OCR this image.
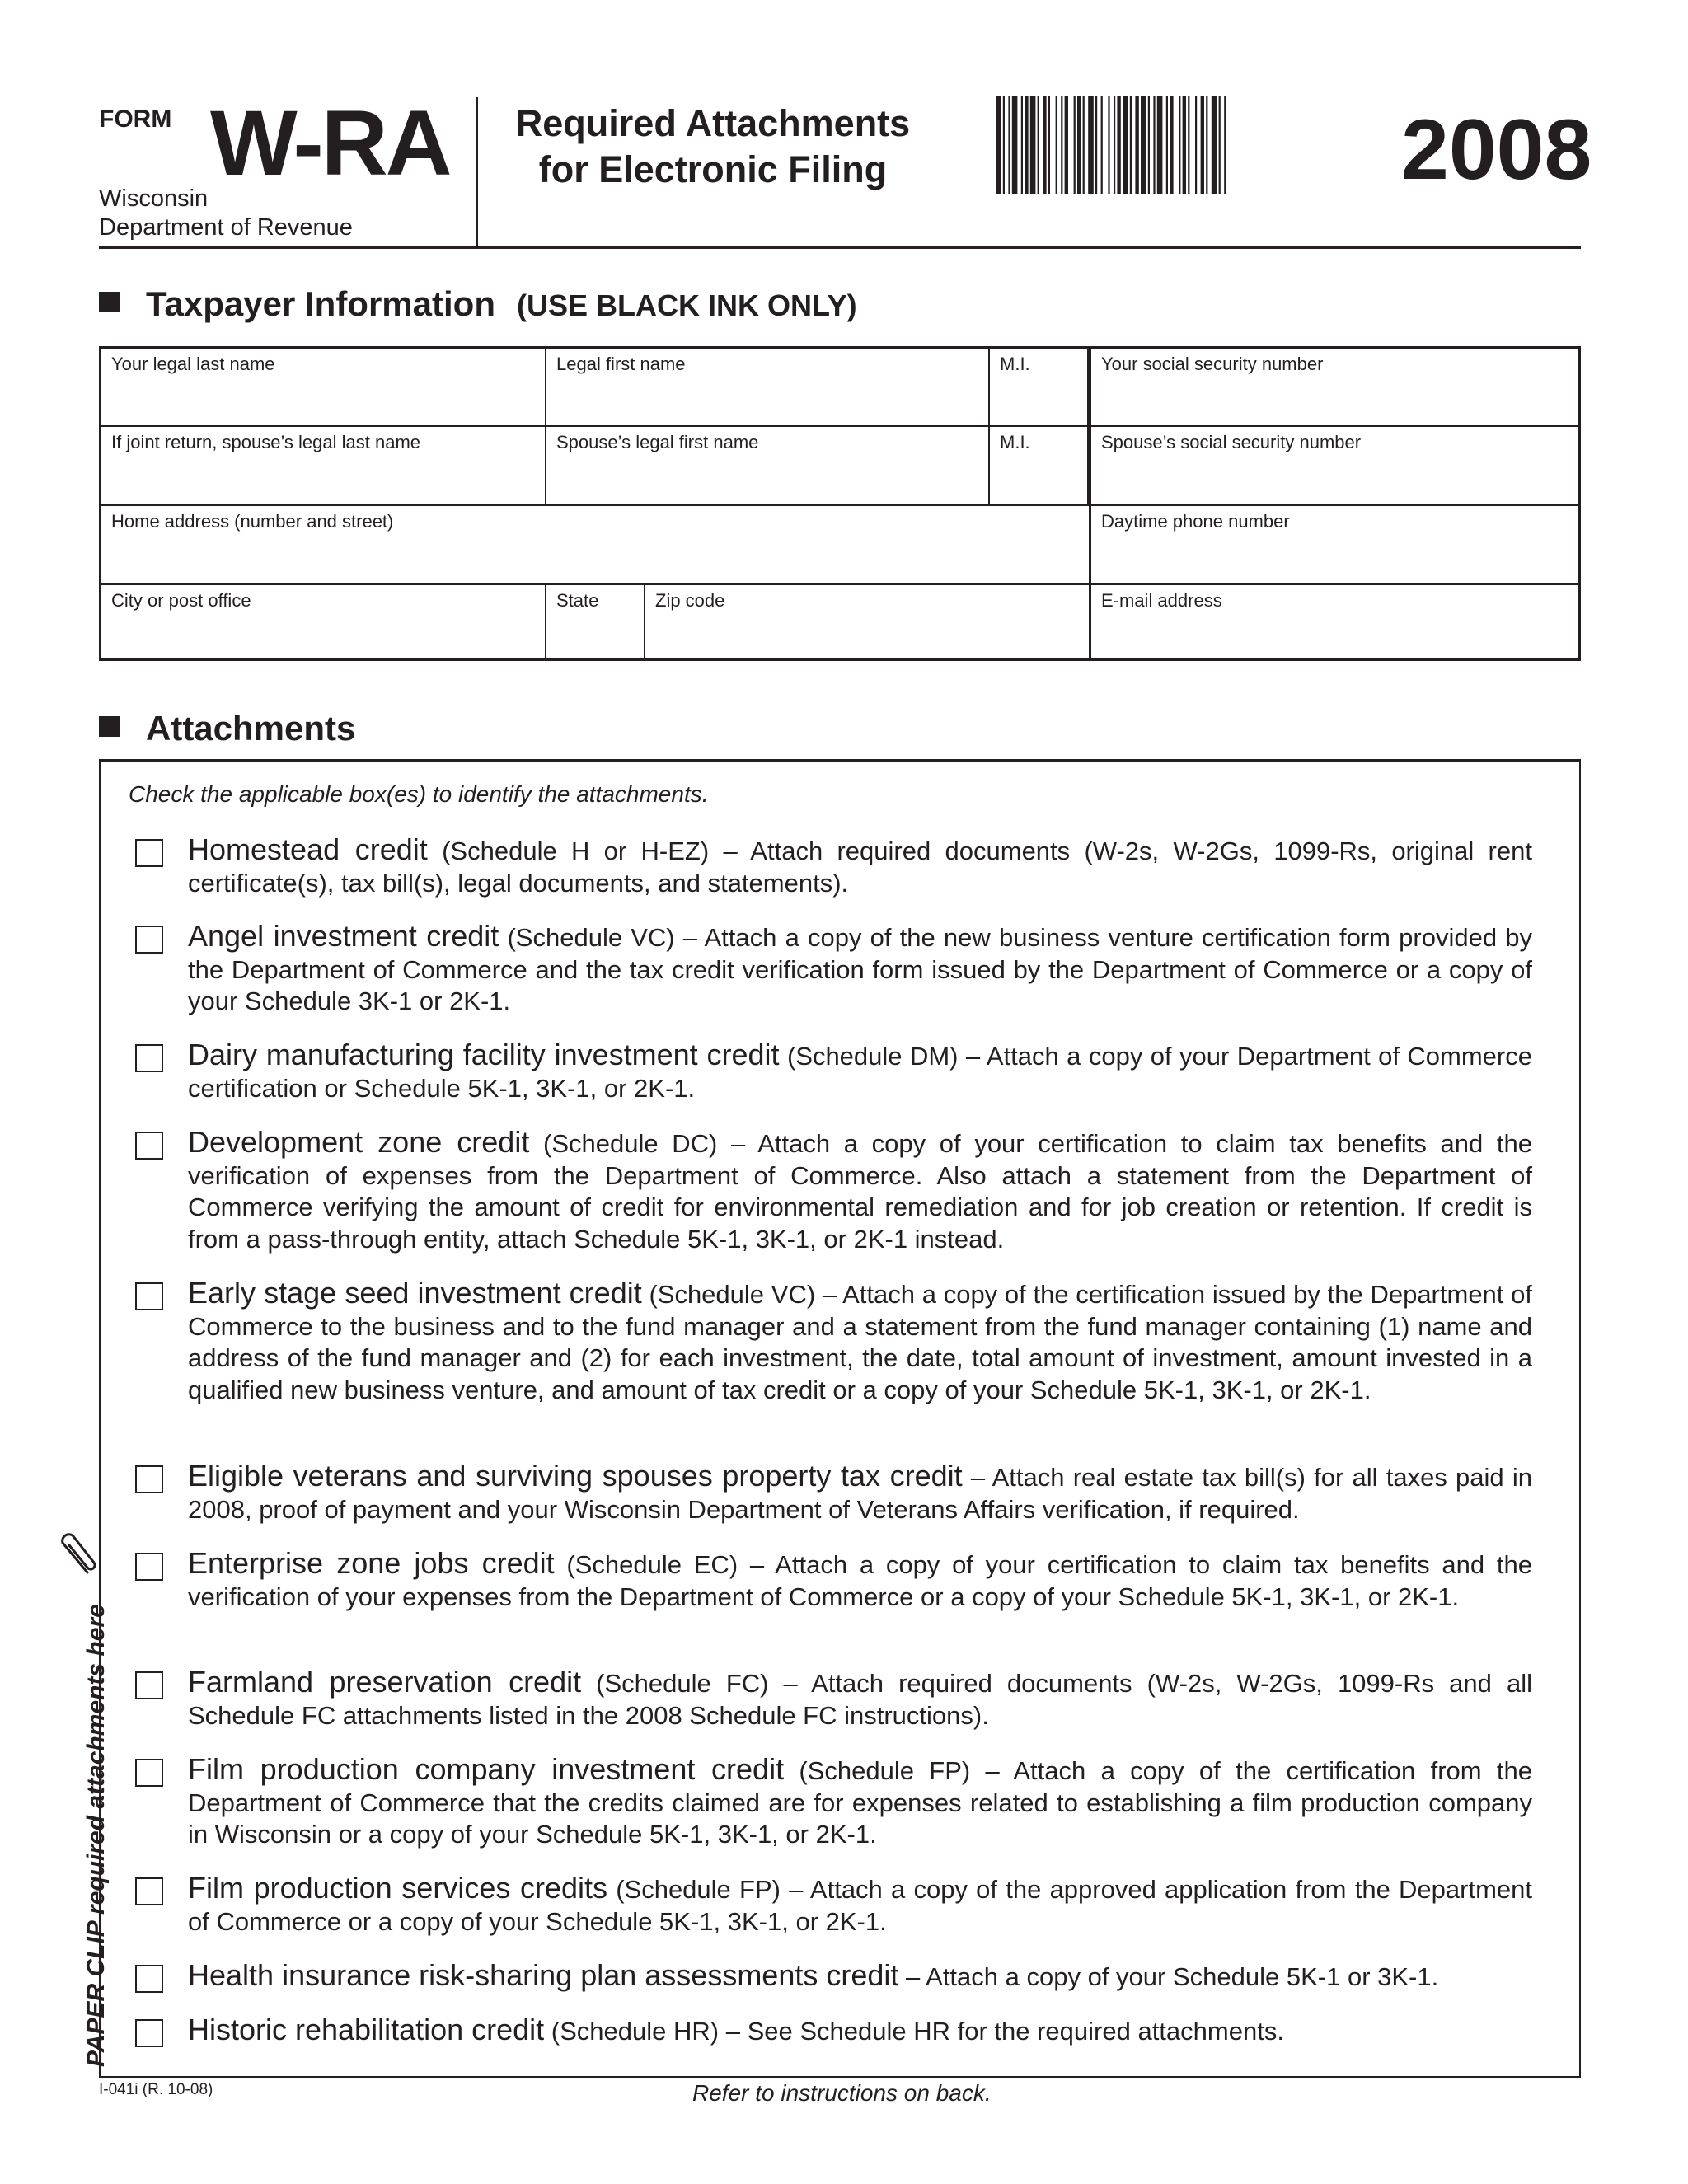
FORM W-RA
Wisconsin
Department of Revenue
Required Attachments
for Electronic Filing	2008
Taxpayer Information (USE BLACK INK ONLY)
Your legal last name	Legal first name	M.I.	Your social security number
If joint return, spouse’s legal last name	Spouse’s legal first name	M.I.	Spouse’s social security number
Home address (number and street)	Daytime phone number
City or post office	State	Zip code	E-mail address
Attachments
Check the applicable box(es) to identify the attachments.
Homestead credit (Schedule H or H-EZ) – Attach required documents (W-2s, W-2Gs, 1099-Rs, original rent certificate(s), tax bill(s), legal documents, and statements).
Angel investment credit (Schedule VC) – Attach a copy of the new business venture certification form provided by the Department of Commerce and the tax credit verification form issued by the Department of Commerce or a copy of your Schedule 3K-1 or 2K-1.
Dairy manufacturing facility investment credit (Schedule DM) – Attach a copy of your Department of Commerce certification or Schedule 5K-1, 3K-1, or 2K-1.
Development zone credit (Schedule DC) – Attach a copy of your certification to claim tax benefits and the verification of expenses from the Department of Commerce. Also attach a statement from the Department of Commerce verifying the amount of credit for environmental remediation and for job creation or retention. If credit is from a pass-through entity, attach Schedule 5K-1, 3K-1, or 2K-1 instead.
Early stage seed investment credit (Schedule VC) – Attach a copy of the certification issued by the Department of Commerce to the business and to the fund manager and a statement from the fund manager containing (1) name and address of the fund manager and (2) for each investment, the date, total amount of investment, amount invested in a qualified new business venture, and amount of tax credit or a copy of your Schedule 5K-1, 3K-1, or 2K-1.
Eligible veterans and surviving spouses property tax credit – Attach real estate tax bill(s) for all taxes paid in 2008, proof of payment and your Wisconsin Department of Veterans Affairs verification, if required.
Enterprise zone jobs credit (Schedule EC) – Attach a copy of your certification to claim tax benefits and the verification of your expenses from the Department of Commerce or a copy of your Schedule 5K-1, 3K-1, or 2K-1.
Farmland preservation credit (Schedule FC) – Attach required documents (W-2s, W-2Gs, 1099-Rs and all Schedule FC attachments listed in the 2008 Schedule FC instructions).
Film production company investment credit (Schedule FP) – Attach a copy of the certification from the Department of Commerce that the credits claimed are for expenses related to establishing a film production company in Wisconsin or a copy of your Schedule 5K-1, 3K-1, or 2K-1.
Film production services credits (Schedule FP) – Attach a copy of the approved application from the Department of Commerce or a copy of your Schedule 5K-1, 3K-1, or 2K-1.
Health insurance risk-sharing plan assessments credit – Attach a copy of your Schedule 5K-1 or 3K-1.
Historic rehabilitation credit (Schedule HR) – See Schedule HR for the required attachments.
PAPER CLIP required attachments here
I-041i (R. 10-08)	Refer to instructions on back.
